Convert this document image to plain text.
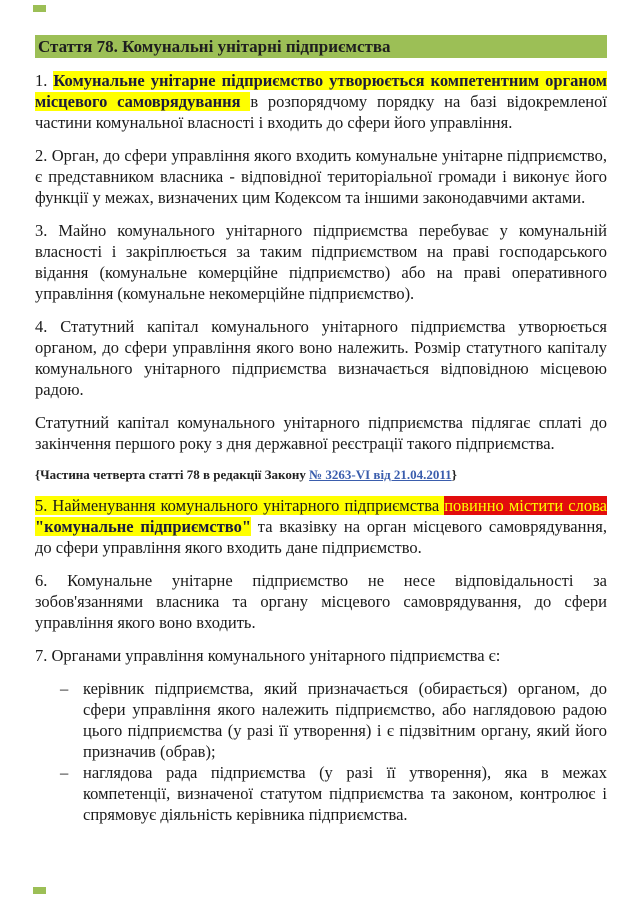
Стаття 78. Комунальні унітарні підприємства

1. Комунальне унітарне підприємство утворюється компетентним органом місцевого самоврядування в розпорядчому порядку на базі відокремленої частини комунальної власності і входить до сфери його управління.

2. Орган, до сфери управління якого входить комунальне унітарне підприємство, є представником власника - відповідної територіальної громади і виконує його функції у межах, визначених цим Кодексом та іншими законодавчими актами.

3. Майно комунального унітарного підприємства перебуває у комунальній власності і закріплюється за таким підприємством на праві господарського відання (комунальне комерційне підприємство) або на праві оперативного управління (комунальне некомерційне підприємство).

4. Статутний капітал комунального унітарного підприємства утворюється органом, до сфери управління якого воно належить. Розмір статутного капіталу комунального унітарного підприємства визначається відповідною місцевою радою.

Статутний капітал комунального унітарного підприємства підлягає сплаті до закінчення першого року з дня державної реєстрації такого підприємства.

{Частина четверта статті 78 в редакції Закону № 3263-VI від 21.04.2011}

5. Найменування комунального унітарного підприємства повинно містити слова "комунальне підприємство" та вказівку на орган місцевого самоврядування, до сфери управління якого входить дане підприємство.

6. Комунальне унітарне підприємство не несе відповідальності за зобов'язаннями власника та органу місцевого самоврядування, до сфери управління якого воно входить.

7. Органами управління комунального унітарного підприємства є:

– керівник підприємства, який призначається (обирається) органом, до сфери управління якого належить підприємство, або наглядовою радою цього підприємства (у разі її утворення) і є підзвітним органу, який його призначив (обрав);
– наглядова рада підприємства (у разі її утворення), яка в межах компетенції, визначеної статутом підприємства та законом, контролює і спрямовує діяльність керівника підприємства.
